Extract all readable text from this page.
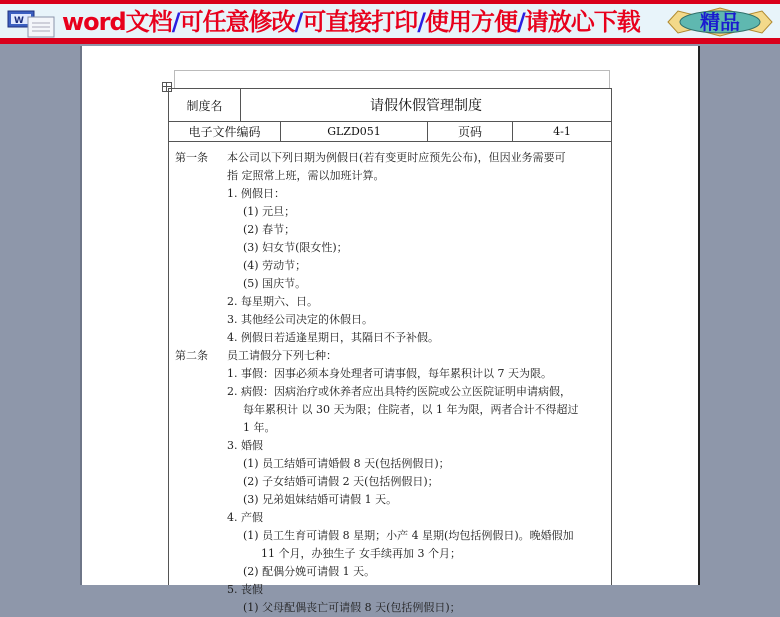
W word文档/可任意修改/可直接打印/使用方便/请放心下载	精品
制度名	请假休假管理制度
电子文件编码	GLZD051	页码	4-1
第一条 本公司以下列日期为例假日(若有变更时应预先公布)，但因业务需要可
指 定照常上班，需以加班计算。
1. 例假日：
(1) 元旦；
(2) 春节；
(3) 妇女节(限女性)；
(4) 劳动节；
(5) 国庆节。
2. 每星期六、日。
3. 其他经公司决定的休假日。
4. 例假日若适逢星期日，其隔日不予补假。
第二条 员工请假分下列七种：
1. 事假：因事必须本身处理者可请事假，每年累积计以 7 天为限。
2. 病假：因病治疗或休养者应出具特约医院或公立医院证明申请病假，
每年累积计 以 30 天为限；住院者，以 1 年为限，两者合计不得超过
1 年。
3. 婚假
(1) 员工结婚可请婚假 8 天(包括例假日)；
(2) 子女结婚可请假 2 天(包括例假日)；
(3) 兄弟姐妹结婚可请假 1 天。
4. 产假
(1) 员工生育可请假 8 星期；小产 4 星期(均包括例假日)。晚婚假加
11 个月，办独生子 女手续再加 3 个月；
(2) 配偶分娩可请假 1 天。
5. 丧假
(1) 父母配偶丧亡可请假 8 天(包括例假日)；
